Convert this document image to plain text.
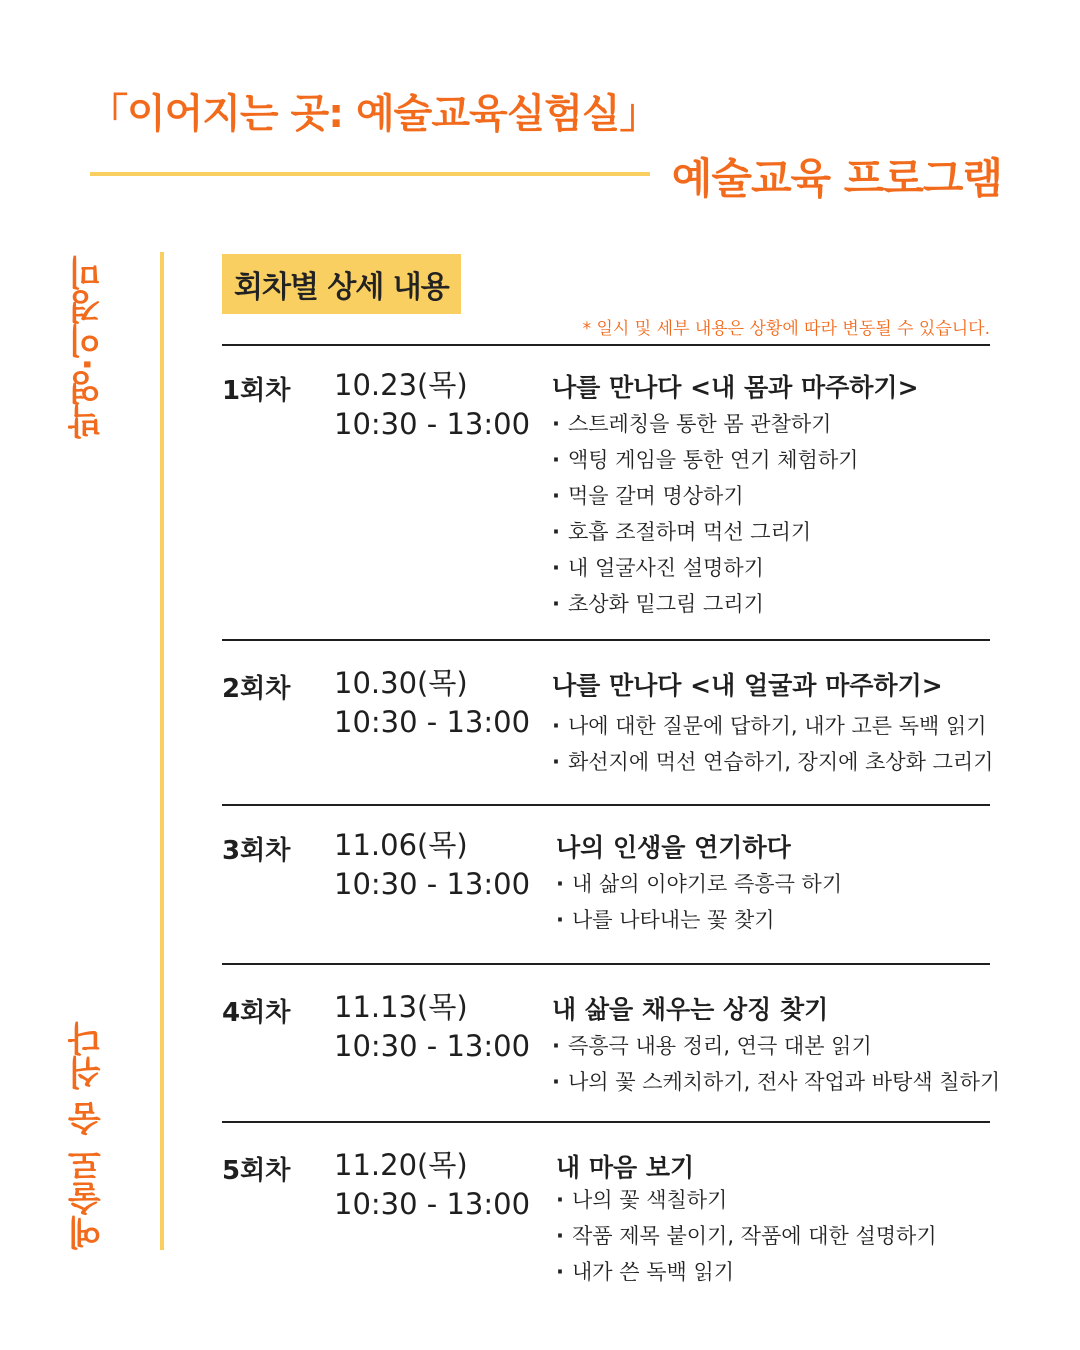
「이어지는 곳: 예술교육실험실」
예술교육 프로그램
박영·이경미
예술로 숨 쉬다
회차별 상세 내용
* 일시 및 세부 내용은 상황에 따라 변동될 수 있습니다.
1회차 10.23(목)
10:30 - 13:00
나를 만나다 <내 몸과 마주하기>
· 스트레칭을 통한 몸 관찰하기
· 액팅 게임을 통한 연기 체험하기
· 먹을 갈며 명상하기
· 호흡 조절하며 먹선 그리기
· 내 얼굴사진 설명하기
· 초상화 밑그림 그리기
2회차 10.30(목)
10:30 - 13:00
나를 만나다 <내 얼굴과 마주하기>
· 나에 대한 질문에 답하기, 내가 고른 독백 읽기
· 화선지에 먹선 연습하기, 장지에 초상화 그리기
3회차 11.06(목)
10:30 - 13:00
나의 인생을 연기하다
· 내 삶의 이야기로 즉흥극 하기
· 나를 나타내는 꽃 찾기
4회차 11.13(목)
10:30 - 13:00
내 삶을 채우는 상징 찾기
· 즉흥극 내용 정리, 연극 대본 읽기
· 나의 꽃 스케치하기, 전사 작업과 바탕색 칠하기
5회차 11.20(목)
10:30 - 13:00
내 마음 보기
· 나의 꽃 색칠하기
· 작품 제목 붙이기, 작품에 대한 설명하기
· 내가 쓴 독백 읽기
